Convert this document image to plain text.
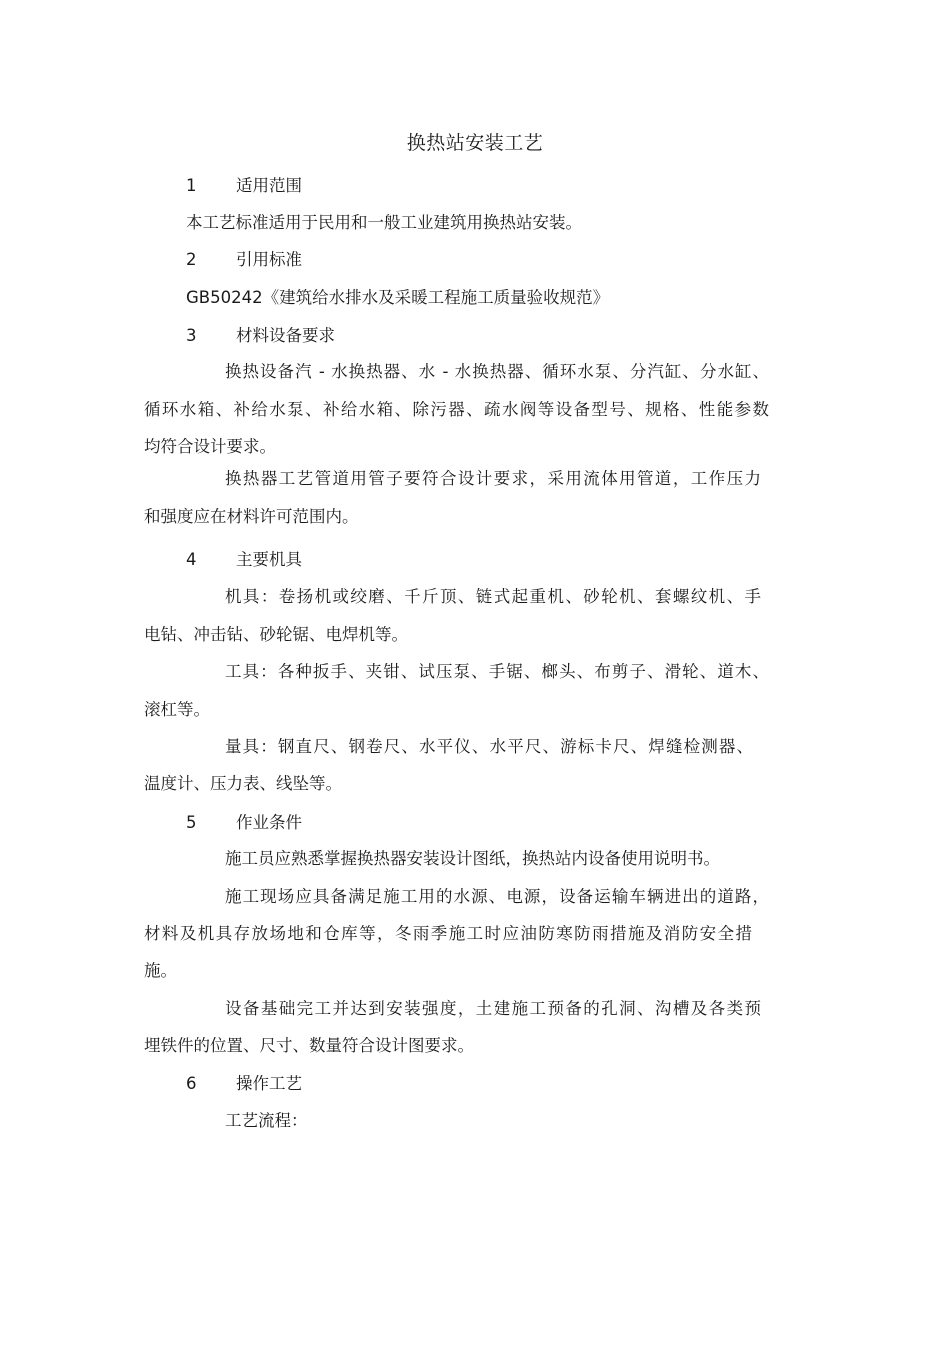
换热站安装工艺
1 适用范围
本工艺标准适用于民用和一般工业建筑用换热站安装。
2 引用标准
GB50242《建筑给水排水及采暖工程施工质量验收规范》
3 材料设备要求
换热设备汽 - 水换热器、水 - 水换热器、循环水泵、分汽缸、分水缸、
循环水箱、补给水泵、补给水箱、除污器、疏水阀等设备型号、规格、性能参数
均符合设计要求。
换热器工艺管道用管子要符合设计要求，采用流体用管道，工作压力
和强度应在材料许可范围内。
4 主要机具
机具：卷扬机或绞磨、千斤顶、链式起重机、砂轮机、套螺纹机、手
电钻、冲击钻、砂轮锯、电焊机等。
工具：各种扳手、夹钳、试压泵、手锯、榔头、布剪子、滑轮、道木、
滚杠等。
量具：钢直尺、钢卷尺、水平仪、水平尺、游标卡尺、焊缝检测器、
温度计、压力表、线坠等。
5 作业条件
施工员应熟悉掌握换热器安装设计图纸，换热站内设备使用说明书。
施工现场应具备满足施工用的水源、电源，设备运输车辆进出的道路，
材料及机具存放场地和仓库等，冬雨季施工时应油防寒防雨措施及消防安全措
施。
设备基础完工并达到安装强度，土建施工预备的孔洞、沟槽及各类预
埋铁件的位置、尺寸、数量符合设计图要求。
6 操作工艺
工艺流程：
